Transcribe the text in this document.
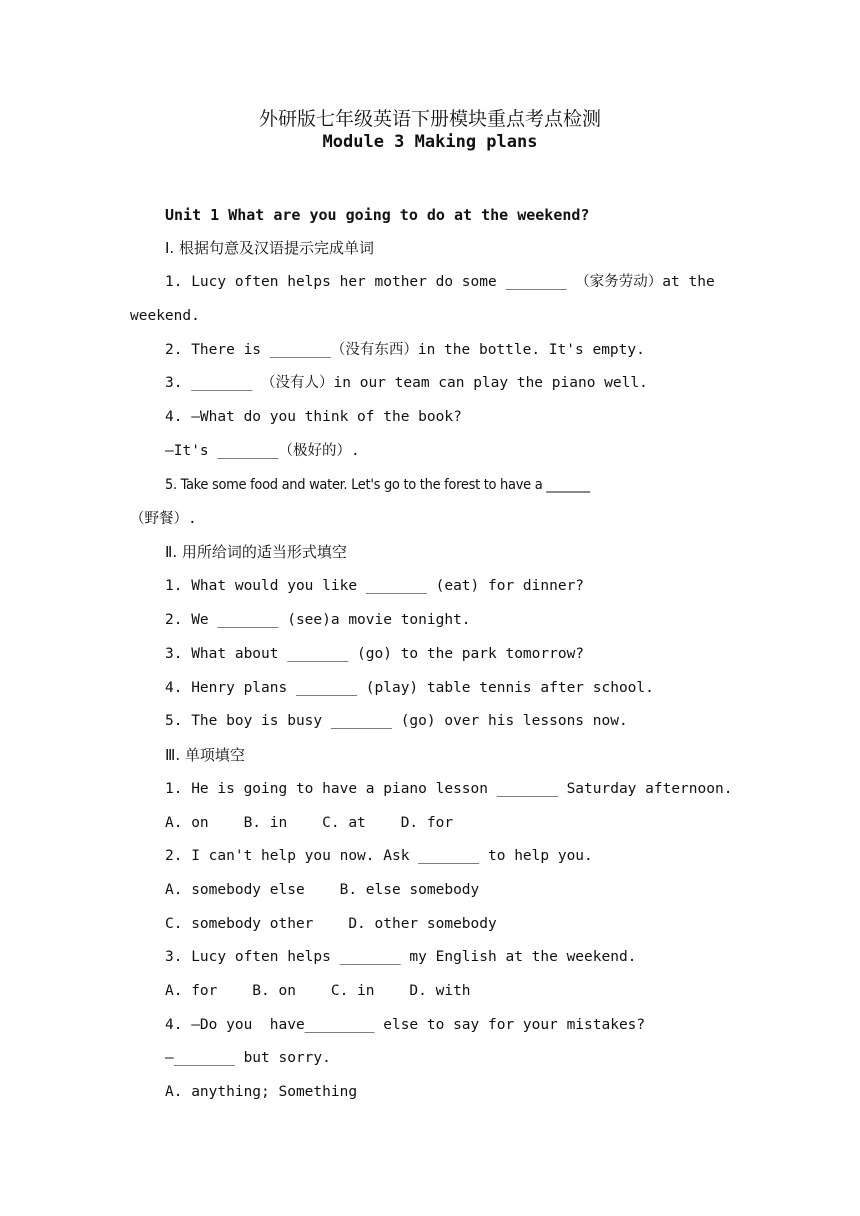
外研版七年级英语下册模块重点考点检测
Module 3 Making plans
Unit 1 What are you going to do at the weekend?
Ⅰ. 根据句意及汉语提示完成单词
1. Lucy often helps her mother do some _______ （家务劳动）at the
weekend.
2. There is _______（没有东西）in the bottle. It's empty.
3. _______ （没有人）in our team can play the piano well.
4. —What do you think of the book?
—It's _______（极好的）.
5. Take some food and water. Let's go to the forest to have a _______
（野餐）.
Ⅱ. 用所给词的适当形式填空
1. What would you like _______ (eat) for dinner?
2. We _______ (see)a movie tonight.
3. What about _______ (go) to the park tomorrow?
4. Henry plans _______ (play) table tennis after school.
5. The boy is busy _______ (go) over his lessons now.
Ⅲ. 单项填空
1. He is going to have a piano lesson _______ Saturday afternoon.
A. on    B. in    C. at    D. for
2. I can't help you now. Ask _______ to help you.
A. somebody else    B. else somebody
C. somebody other    D. other somebody
3. Lucy often helps _______ my English at the weekend.
A. for    B. on    C. in    D. with
4. —Do you  have________ else to say for your mistakes?
—_______ but sorry.
A. anything; Something
